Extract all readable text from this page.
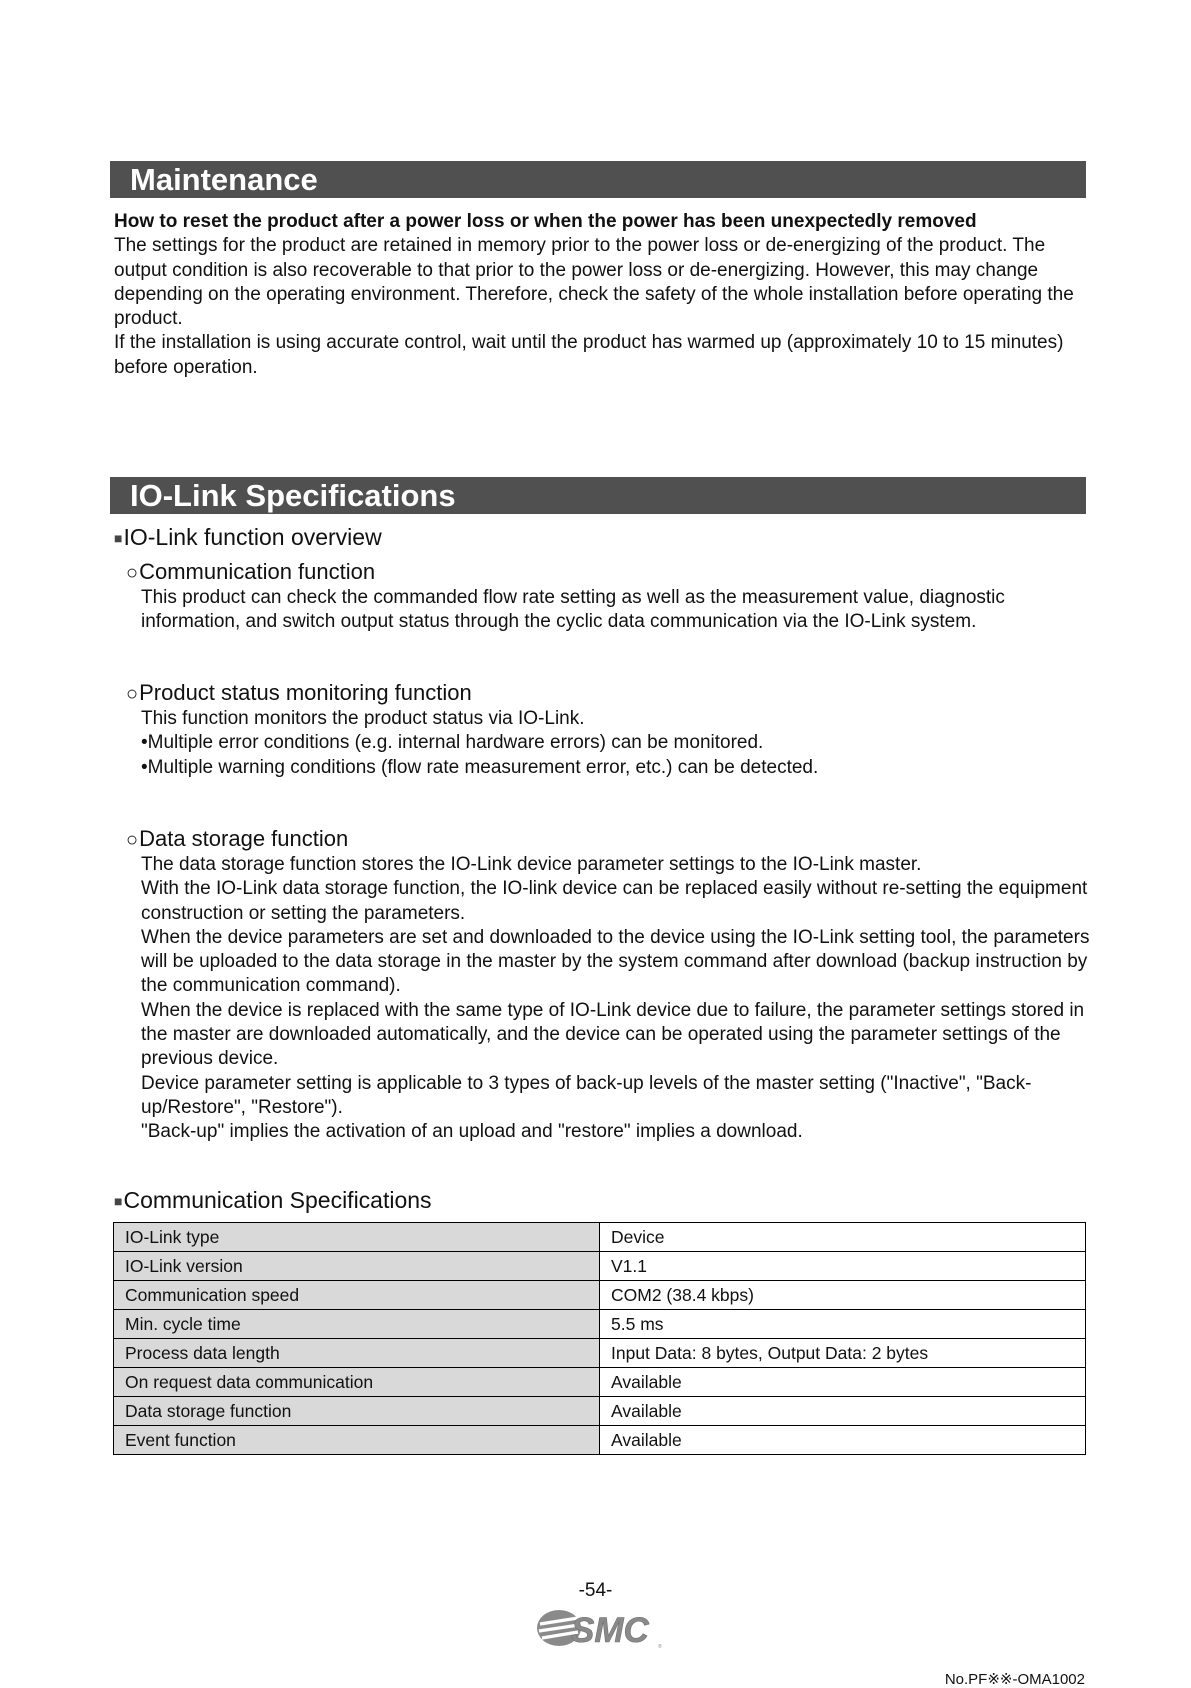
Maintenance

How to reset the product after a power loss or when the power has been unexpectedly removed

The settings for the product are retained in memory prior to the power loss or de-energizing of the product. The output condition is also recoverable to that prior to the power loss or de-energizing. However, this may change depending on the operating environment. Therefore, check the safety of the whole installation before operating the product.

If the installation is using accurate control, wait until the product has warmed up (approximately 10 to 15 minutes) before operation.

IO-Link Specifications
■IO-Link function overview
○Communication function

This product can check the commanded flow rate setting as well as the measurement value, diagnostic information, and switch output status through the cyclic data communication via the IO-Link system.

○Product status monitoring function

This function monitors the product status via IO-Link.

•Multiple error conditions (e.g. internal hardware errors) can be monitored.

•Multiple warning conditions (flow rate measurement error, etc.) can be detected.

○Data storage function

The data storage function stores the IO-Link device parameter settings to the IO-Link master.

With the IO-Link data storage function, the IO-link device can be replaced easily without re-setting the equipment construction or setting the parameters.

When the device parameters are set and downloaded to the device using the IO-Link setting tool, the parameters will be uploaded to the data storage in the master by the system command after download (backup instruction by the communication command).

When the device is replaced with the same type of IO-Link device due to failure, the parameter settings stored in the master are downloaded automatically, and the device can be operated using the parameter settings of the previous device.

Device parameter setting is applicable to 3 types of back-up levels of the master setting ("Inactive", "Back-up/Restore", "Restore").

"Back-up" implies the activation of an upload and "restore" implies a download.

■Communication Specifications
IO-Link type	Device
IO-Link version	V1.1
Communication speed	COM2 (38.4 kbps)
Min. cycle time	5.5 ms
Process data length	Input Data: 8 bytes, Output Data: 2 bytes
On request data communication	Available
Data storage function	Available
Event function	Available
-54-
SMC ®
No.PF※※-OMA1002
